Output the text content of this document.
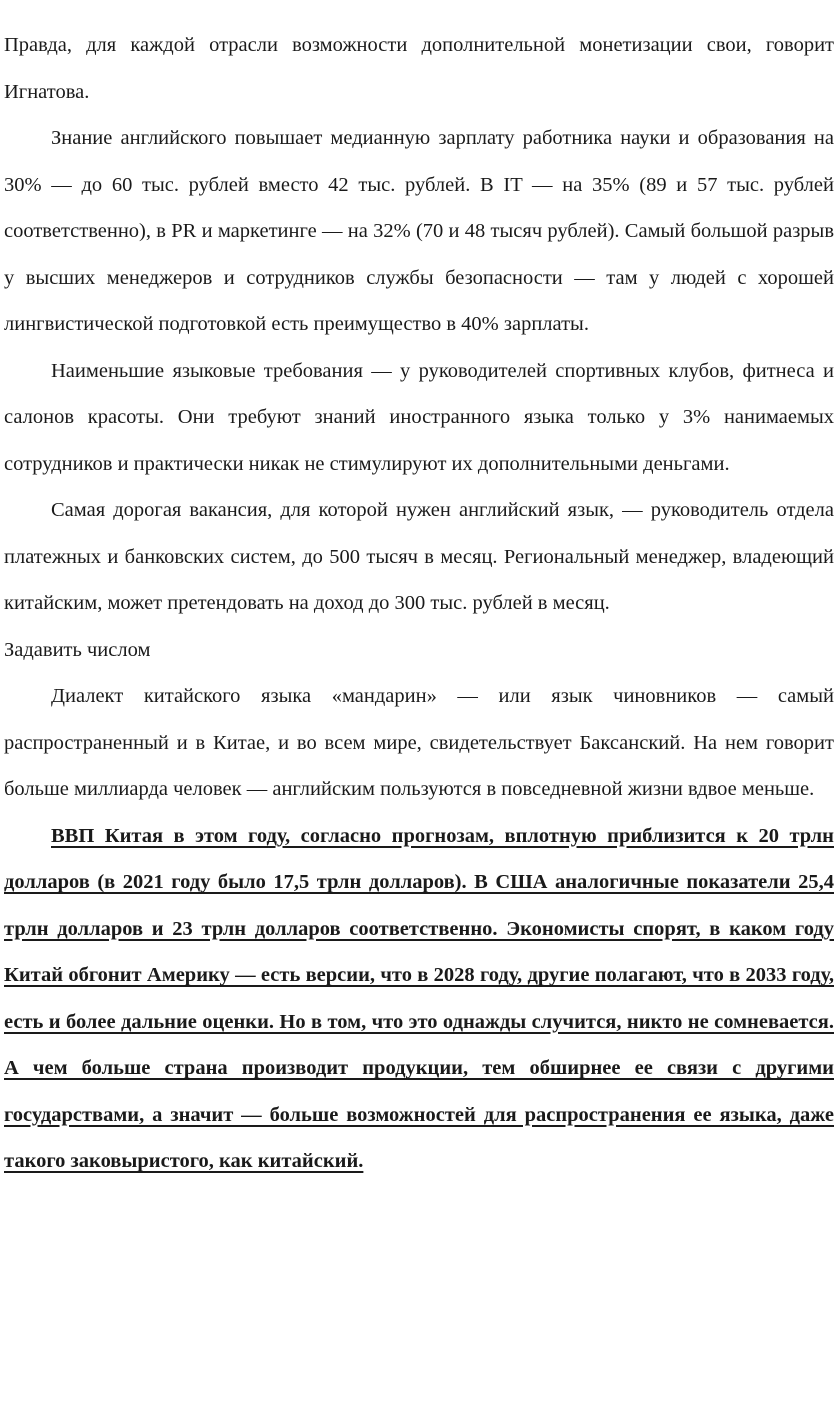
Правда, для каждой отрасли возможности дополнительной монетизации свои, говорит Игнатова.

Знание английского повышает медианную зарплату работника науки и образования на 30% — до 60 тыс. рублей вместо 42 тыс. рублей. В IT — на 35% (89 и 57 тыс. рублей соответственно), в PR и маркетинге — на 32% (70 и 48 тысяч рублей). Самый большой разрыв у высших менеджеров и сотрудников службы безопасности — там у людей с хорошей лингвистической подготовкой есть преимущество в 40% зарплаты.

Наименьшие языковые требования — у руководителей спортивных клубов, фитнеса и салонов красоты. Они требуют знаний иностранного языка только у 3% нанимаемых сотрудников и практически никак не стимулируют их дополнительными деньгами.

Самая дорогая вакансия, для которой нужен английский язык, — руководитель отдела платежных и банковских систем, до 500 тысяч в месяц. Региональный менеджер, владеющий китайским, может претендовать на доход до 300 тыс. рублей в месяц.

Задавить числом

Диалект китайского языка «мандарин» — или язык чиновников — самый распространенный и в Китае, и во всем мире, свидетельствует Баксанский. На нем говорит больше миллиарда человек — английским пользуются в повседневной жизни вдвое меньше.

ВВП Китая в этом году, согласно прогнозам, вплотную приблизится к 20 трлн долларов (в 2021 году было 17,5 трлн долларов). В США аналогичные показатели 25,4 трлн долларов и 23 трлн долларов соответственно. Экономисты спорят, в каком году Китай обгонит Америку — есть версии, что в 2028 году, другие полагают, что в 2033 году, есть и более дальние оценки. Но в том, что это однажды случится, никто не сомневается. А чем больше страна производит продукции, тем обширнее ее связи с другими государствами, а значит — больше возможностей для распространения ее языка, даже такого заковыристого, как китайский.
